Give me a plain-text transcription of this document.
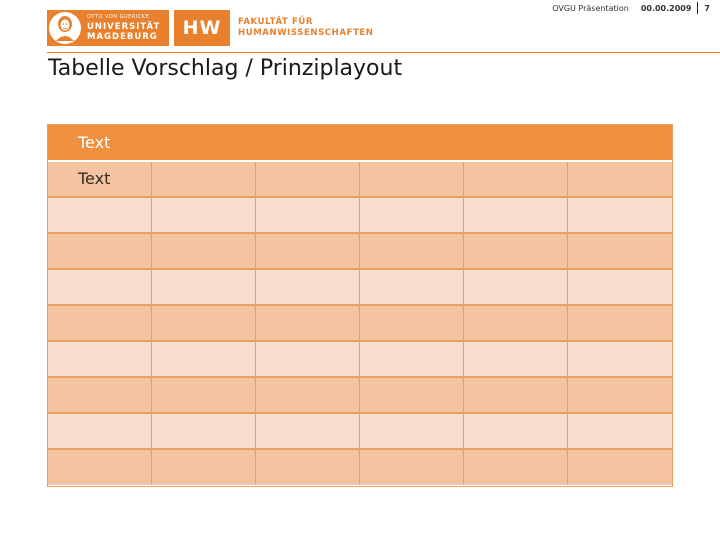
OTTO VON GUERICKE
UNIVERSITÄT
MAGDEBURG	HW	FAKULTÄT FÜR
HUMANWISSENSCHAFTEN
OVGU Präsentation 00.00.2009 7
Tabelle Vorschlag / Prinziplayout
Text
Text
